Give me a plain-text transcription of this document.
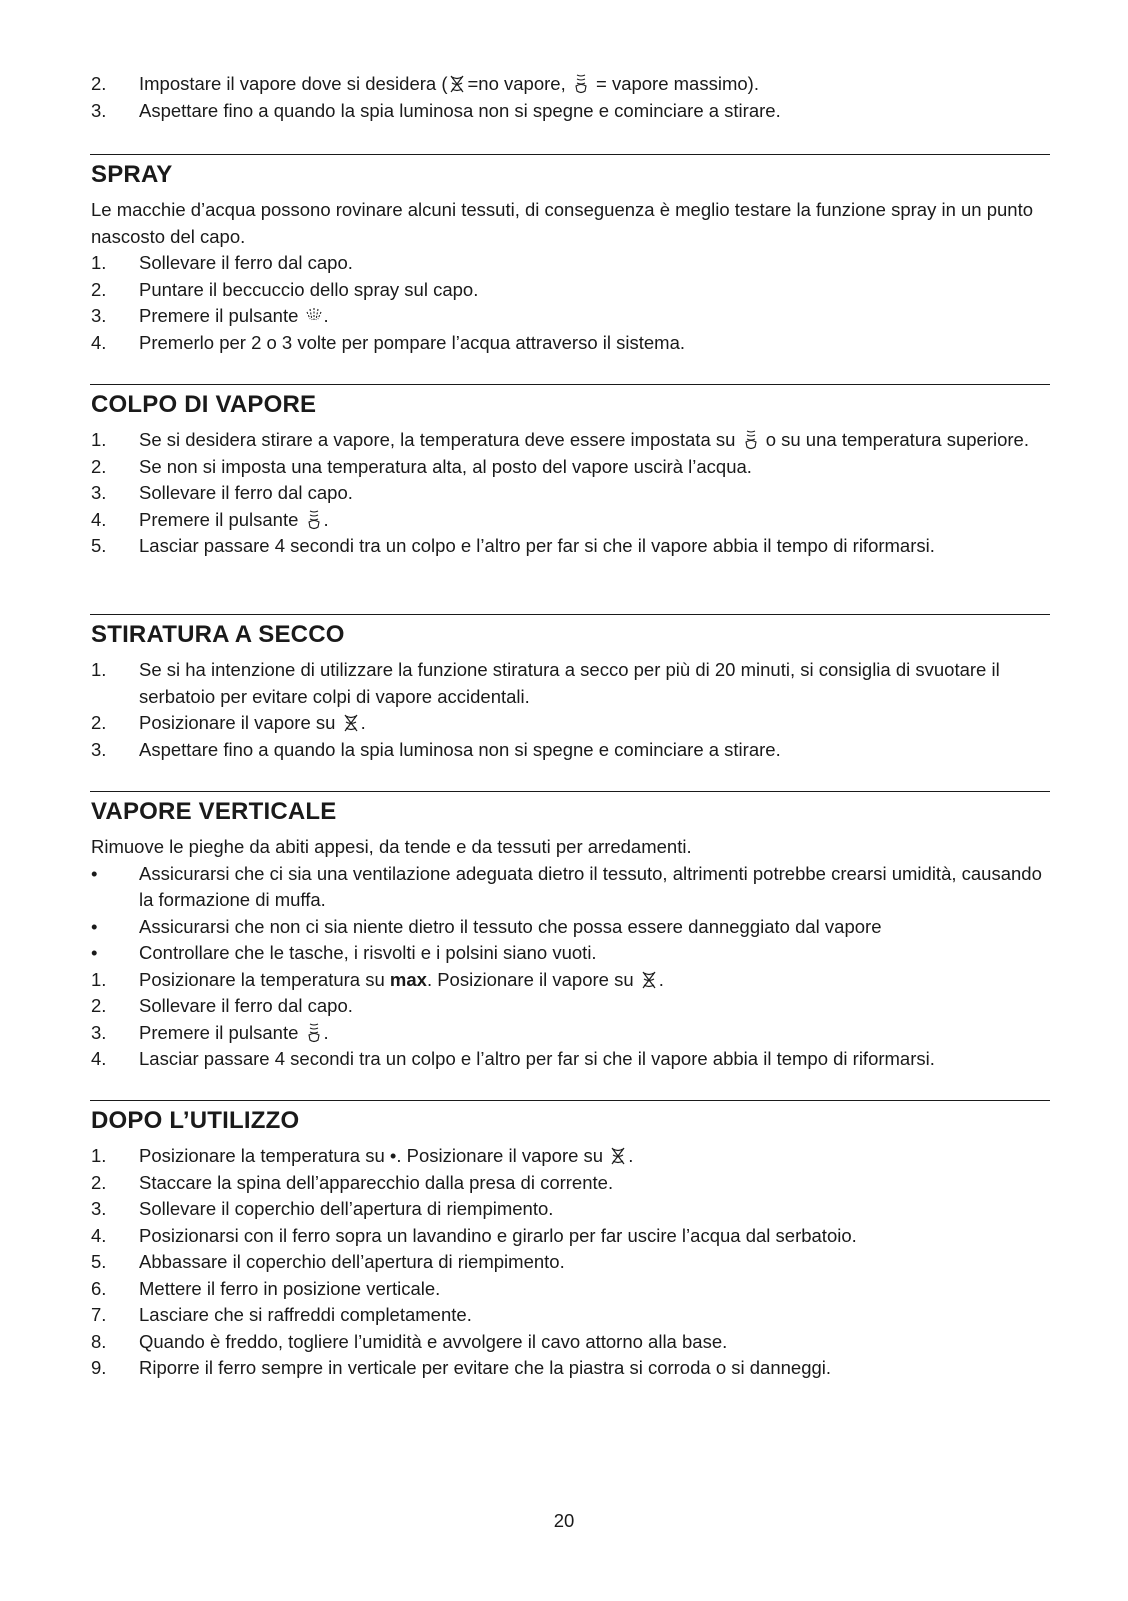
2.	Impostare il vapore dove si desidera ( =no vapore,  = vapore massimo).
3.	Aspettare fino a quando la spia luminosa non si spegne e cominciare a stirare.
SPRAY
Le macchie d’acqua possono rovinare alcuni tessuti, di conseguenza è meglio testare la funzione spray in un punto nascosto del capo.
1.	Sollevare il ferro dal capo.
2.	Puntare il beccuccio dello spray sul capo.
3.	Premere il pulsante .
4.	Premerlo per 2 o 3 volte per pompare l’acqua attraverso il sistema.
COLPO DI VAPORE
1.	Se si desidera stirare a vapore, la temperatura deve essere impostata su  o su una temperatura superiore.
2.	Se non si imposta una temperatura alta, al posto del vapore uscirà l’acqua.
3.	Sollevare il ferro dal capo.
4.	Premere il pulsante .
5.	Lasciar passare 4 secondi tra un colpo e l’altro per far si che il vapore abbia il tempo di riformarsi.
STIRATURA A SECCO
1.	Se si ha intenzione di utilizzare la funzione stiratura a secco per più di 20 minuti, si consiglia di svuotare il serbatoio per evitare colpi di vapore accidentali.
2.	Posizionare il vapore su .
3.	Aspettare fino a quando la spia luminosa non si spegne e cominciare a stirare.
VAPORE VERTICALE
Rimuove le pieghe da abiti appesi, da tende e da tessuti per arredamenti.
•	Assicurarsi che ci sia una ventilazione adeguata dietro il tessuto, altrimenti potrebbe crearsi umidità, causando la formazione di muffa.
•	Assicurarsi che non ci sia niente dietro il tessuto che possa essere danneggiato dal vapore
•	Controllare che le tasche, i risvolti e i polsini siano vuoti.
1.	Posizionare la temperatura su max. Posizionare il vapore su .
2.	Sollevare il ferro dal capo.
3.	Premere il pulsante .
4.	Lasciar passare 4 secondi tra un colpo e l’altro per far si che il vapore abbia il tempo di riformarsi.
DOPO L’UTILIZZO
1.	Posizionare la temperatura su •. Posizionare il vapore su .
2.	Staccare la spina dell’apparecchio dalla presa di corrente.
3.	Sollevare il coperchio dell’apertura di riempimento.
4.	Posizionarsi con il ferro sopra un lavandino e girarlo per far uscire l’acqua dal serbatoio.
5.	Abbassare il coperchio dell’apertura di riempimento.
6.	Mettere il ferro in posizione verticale.
7.	Lasciare che si raffreddi completamente.
8.	Quando è freddo, togliere l’umidità e avvolgere il cavo attorno alla base.
9.	Riporre il ferro sempre in verticale per evitare che la piastra si corroda o si danneggi.
20
